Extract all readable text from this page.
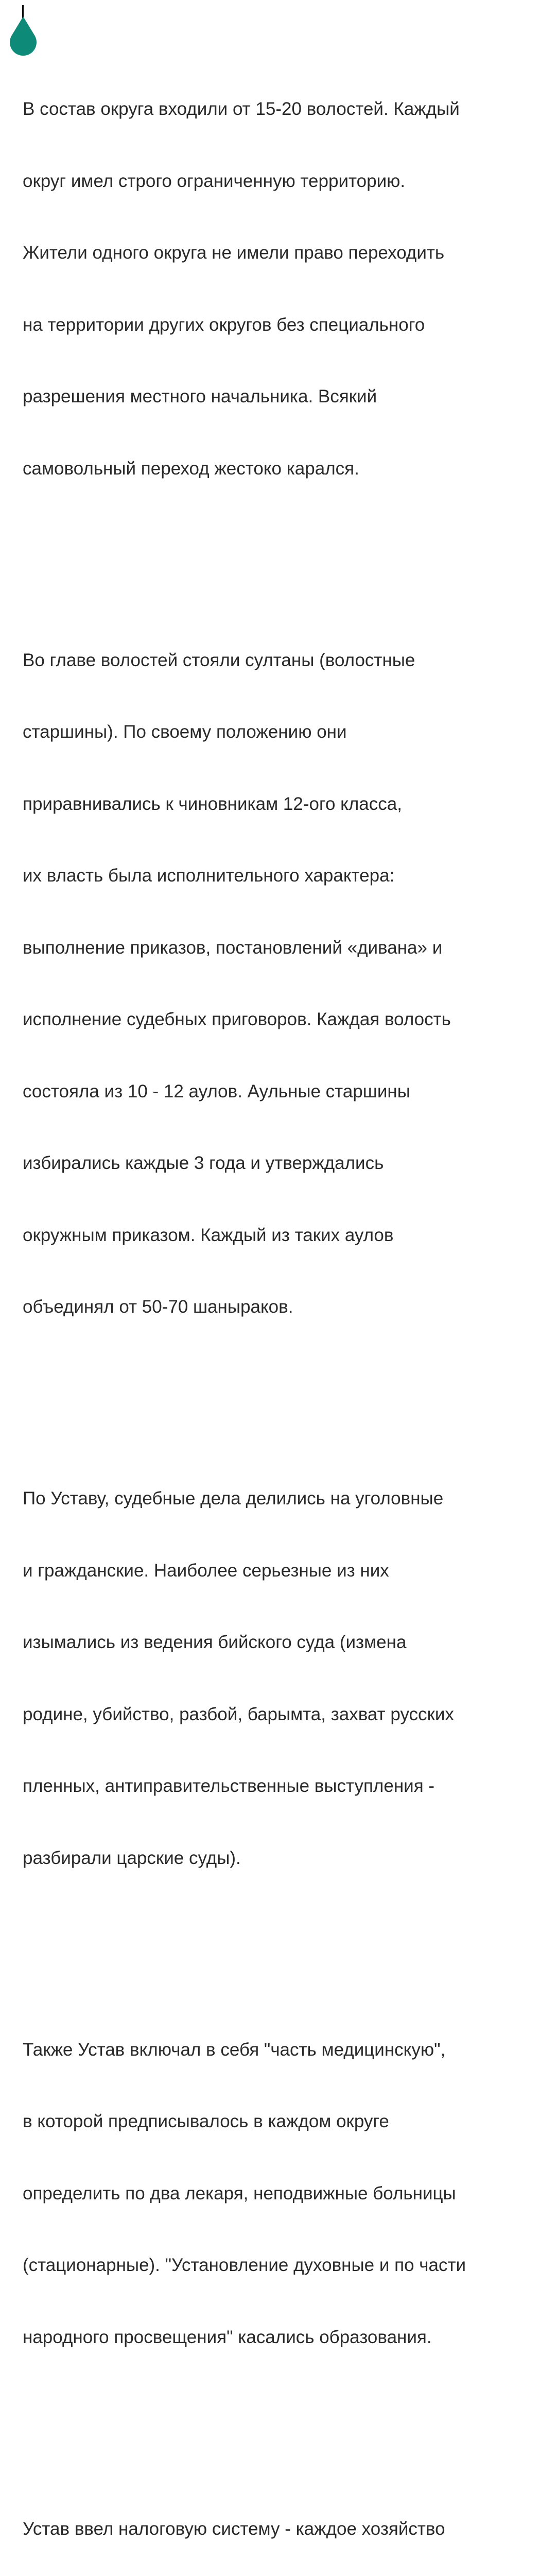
В состав округа входили от 15-20 волостей. Каждый

округ имел строго ограниченную территорию.

Жители одного округа не имели право переходить

на территории других округов без специального

разрешения местного начальника. Всякий

самовольный переход жестоко карался.

Во главе волостей стояли султаны (волостные

старшины). По своему положению они

приравнивались к чиновникам 12-ого класса,

их власть была исполнительного характера:

выполнение приказов, постановлений «дивана» и

исполнение судебных приговоров. Каждая волость

состояла из 10 - 12 аулов. Аульные старшины

избирались каждые 3 года и утверждались

окружным приказом. Каждый из таких аулов

объединял от 50-70 шаныраков.

По Уставу, судебные дела делились на уголовные

и гражданские. Наиболее серьезные из них

изымались из ведения бийского суда (измена

родине, убийство, разбой, барымта, захват русских

пленных, антиправительственные выступления -

разбирали царские суды).

Также Устав включал в себя "часть медицинскую",

в которой предписывалось в каждом округе

определить по два лекаря, неподвижные больницы

(стационарные). "Установление духовные и по части

народного просвещения" касались образования.

Устав ввел налоговую систему - каждое хозяйство
